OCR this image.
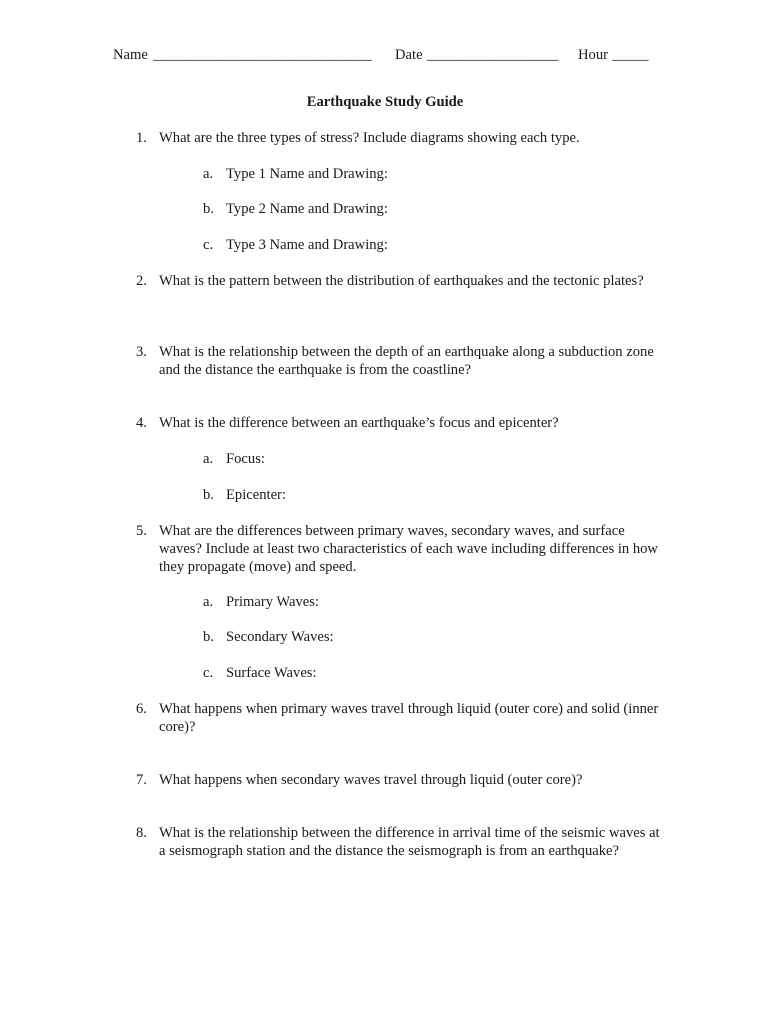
Name ______________________________ Date __________________ Hour _____
Earthquake Study Guide
1. What are the three types of stress? Include diagrams showing each type.
a. Type 1 Name and Drawing:
b. Type 2 Name and Drawing:
c. Type 3 Name and Drawing:
2. What is the pattern between the distribution of earthquakes and the tectonic plates?
3. What is the relationship between the depth of an earthquake along a subduction zone and the distance the earthquake is from the coastline?
4. What is the difference between an earthquake’s focus and epicenter?
a. Focus:
b. Epicenter:
5. What are the differences between primary waves, secondary waves, and surface waves? Include at least two characteristics of each wave including differences in how they propagate (move) and speed.
a. Primary Waves:
b. Secondary Waves:
c. Surface Waves:
6. What happens when primary waves travel through liquid (outer core) and solid (inner core)?
7. What happens when secondary waves travel through liquid (outer core)?
8. What is the relationship between the difference in arrival time of the seismic waves at a seismograph station and the distance the seismograph is from an earthquake?
